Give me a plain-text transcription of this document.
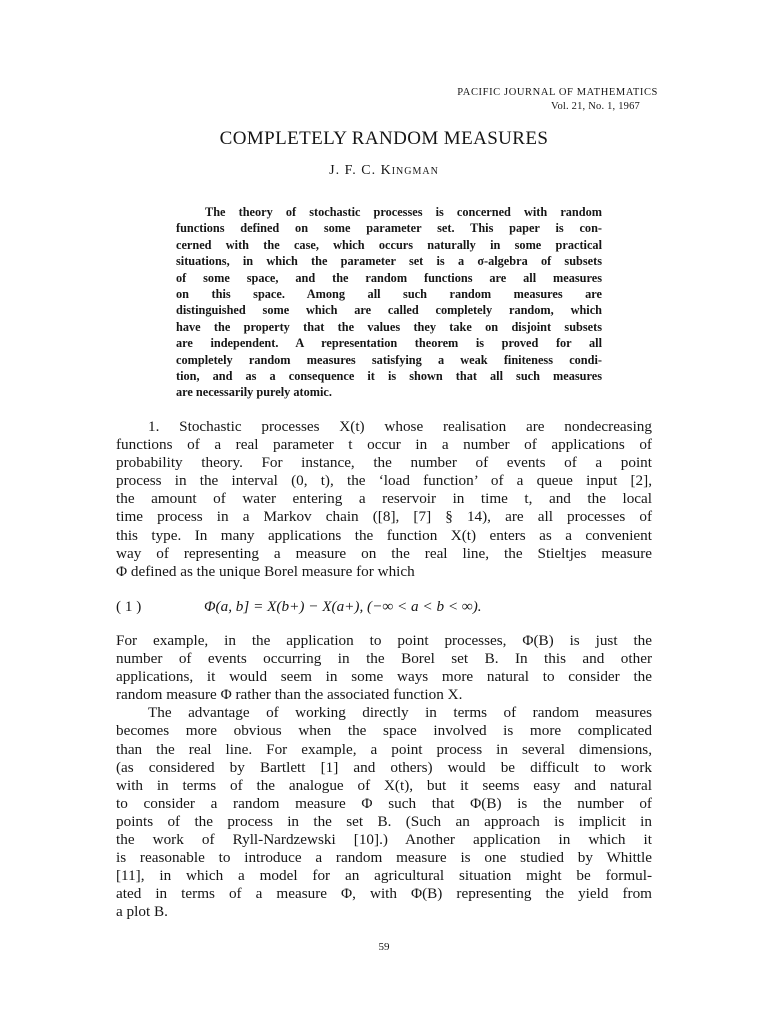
PACIFIC JOURNAL OF MATHEMATICS
Vol. 21, No. 1, 1967
COMPLETELY RANDOM MEASURES
J. F. C. Kingman
The theory of stochastic processes is concerned with random
functions defined on some parameter set. This paper is con-
cerned with the case, which occurs naturally in some practical
situations, in which the parameter set is a σ-algebra of subsets
of some space, and the random functions are all measures
on this space. Among all such random measures are
distinguished some which are called completely random, which
have the property that the values they take on disjoint subsets
are independent. A representation theorem is proved for all
completely random measures satisfying a weak finiteness condi-
tion, and as a consequence it is shown that all such measures
are necessarily purely atomic.
1. Stochastic processes X(t) whose realisation are nondecreasing
functions of a real parameter t occur in a number of applications of
probability theory. For instance, the number of events of a point
process in the interval (0, t), the ‘load function’ of a queue input [2],
the amount of water entering a reservoir in time t, and the local
time process in a Markov chain ([8], [7] § 14), are all processes of
this type. In many applications the function X(t) enters as a convenient
way of representing a measure on the real line, the Stieltjes measure
Φ defined as the unique Borel measure for which
( 1 )	Φ(a, b] = X(b+) − X(a+), (−∞ < a < b < ∞).
For example, in the application to point processes, Φ(B) is just the
number of events occurring in the Borel set B. In this and other
applications, it would seem in some ways more natural to consider the
random measure Φ rather than the associated function X.
The advantage of working directly in terms of random measures
becomes more obvious when the space involved is more complicated
than the real line. For example, a point process in several dimensions,
(as considered by Bartlett [1] and others) would be difficult to work
with in terms of the analogue of X(t), but it seems easy and natural
to consider a random measure Φ such that Φ(B) is the number of
points of the process in the set B. (Such an approach is implicit in
the work of Ryll-Nardzewski [10].) Another application in which it
is reasonable to introduce a random measure is one studied by Whittle
[11], in which a model for an agricultural situation might be formul-
ated in terms of a measure Φ, with Φ(B) representing the yield from
a plot B.
59
